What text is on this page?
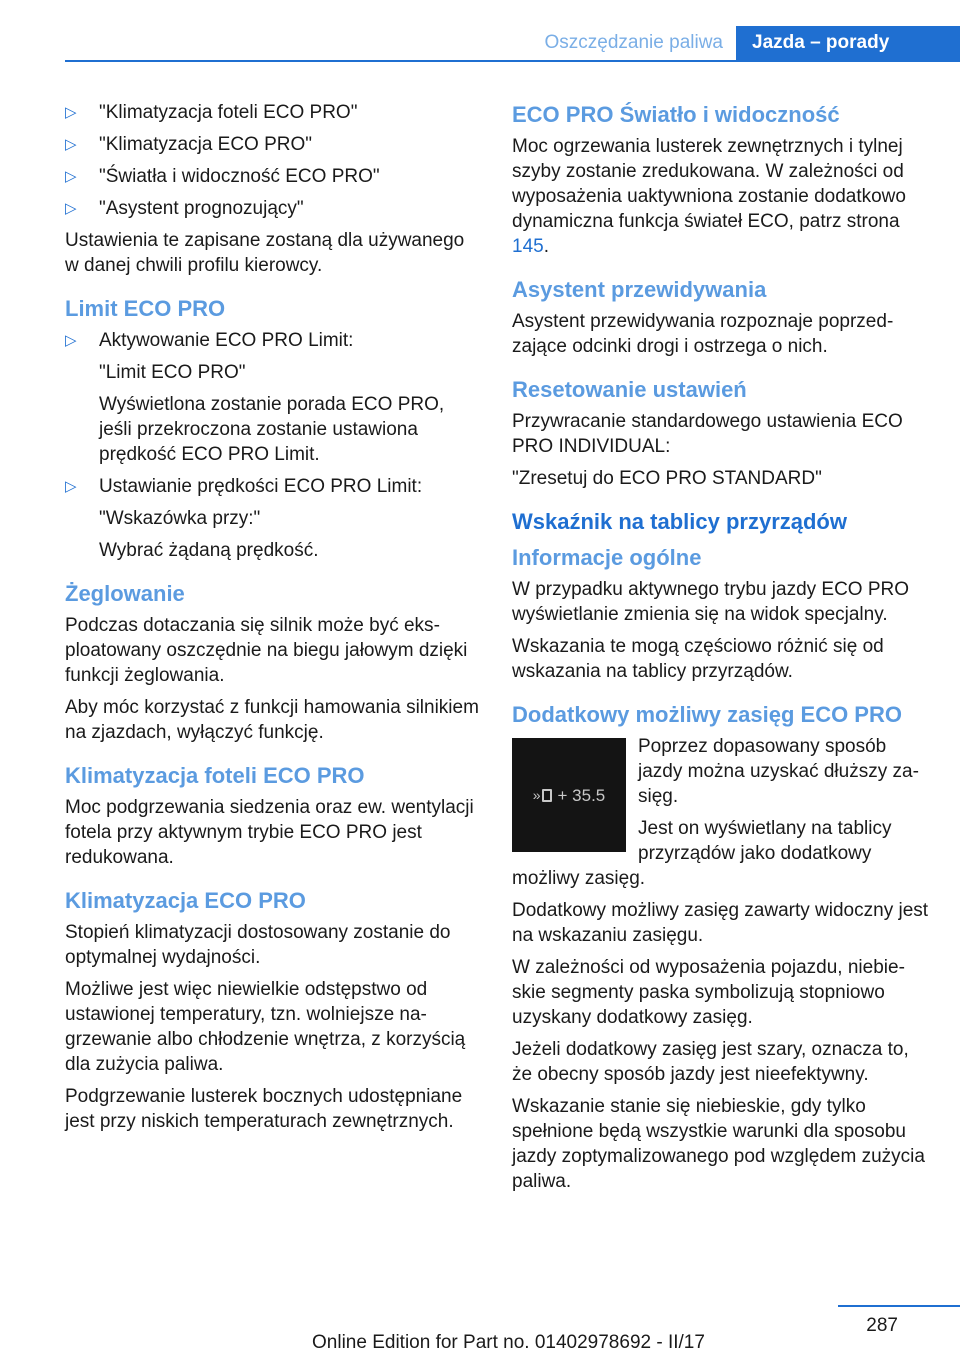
Oszczędzanie paliwa	Jazda – porady
▷ "Klimatyzacja foteli ECO PRO"
▷ "Klimatyzacja ECO PRO"
▷ "Światła i widoczność ECO PRO"
▷ "Asystent prognozujący"

Ustawienia te zapisane zostaną dla używanego w danej chwili profilu kierowcy.

Limit ECO PRO
▷ Aktywowanie ECO PRO Limit:
"Limit ECO PRO"
Wyświetlona zostanie porada ECO PRO, jeśli przekroczona zostanie ustawiona prędkość ECO PRO Limit.
▷ Ustawianie prędkości ECO PRO Limit:
"Wskazówka przy:"
Wybrać żądaną prędkość.
Żeglowanie

Podczas dotaczania się silnik może być eksploatowany oszczędnie na biegu jałowym dzięki funkcji żeglowania.

Aby móc korzystać z funkcji hamowania silnikiem na zjazdach, wyłączyć funkcję.

Klimatyzacja foteli ECO PRO

Moc podgrzewania siedzenia oraz ew. wentylacji fotela przy aktywnym trybie ECO PRO jest redukowana.

Klimatyzacja ECO PRO

Stopień klimatyzacji dostosowany zostanie do optymalnej wydajności.

Możliwe jest więc niewielkie odstępstwo od ustawionej temperatury, tzn. wolniejsze nagrzewanie albo chłodzenie wnętrza, z korzyścią dla zużycia paliwa.

Podgrzewanie lusterek bocznych udostępniane jest przy niskich temperaturach zewnętrznych.

ECO PRO Światło i widoczność

Moc ogrzewania lusterek zewnętrznych i tylnej szyby zostanie zredukowana. W zależności od wyposażenia uaktywniona zostanie dodatkowo dynamiczna funkcja świateł ECO, patrz strona 145.

Asystent przewidywania

Asystent przewidywania rozpoznaje poprzedzające odcinki drogi i ostrzega o nich.

Resetowanie ustawień

Przywracanie standardowego ustawienia ECO PRO INDIVIDUAL:

"Zresetuj do ECO PRO STANDARD"

Wskaźnik na tablicy przyrządów
Informacje ogólne

W przypadku aktywnego trybu jazdy ECO PRO wyświetlanie zmienia się na widok specjalny.

Wskazania te mogą częściowo różnić się od wskazania na tablicy przyrządów.

Dodatkowy możliwy zasięg ECO PRO
» + 35.5

Poprzez dopasowany sposób jazdy można uzyskać dłuższy zasięg.

Jest on wyświetlany na tablicy przyrządów jako dodatkowy możliwy zasięg.

Dodatkowy możliwy zasięg zawarty widoczny jest na wskazaniu zasięgu.

W zależności od wyposażenia pojazdu, niebieskie segmenty paska symbolizują stopniowo uzyskany dodatkowy zasięg.

Jeżeli dodatkowy zasięg jest szary, oznacza to, że obecny sposób jazdy jest nieefektywny.

Wskazanie stanie się niebieskie, gdy tylko spełnione będą wszystkie warunki dla sposobu jazdy zoptymalizowanego pod względem zużycia paliwa.

287
Online Edition for Part no. 01402978692 - II/17
